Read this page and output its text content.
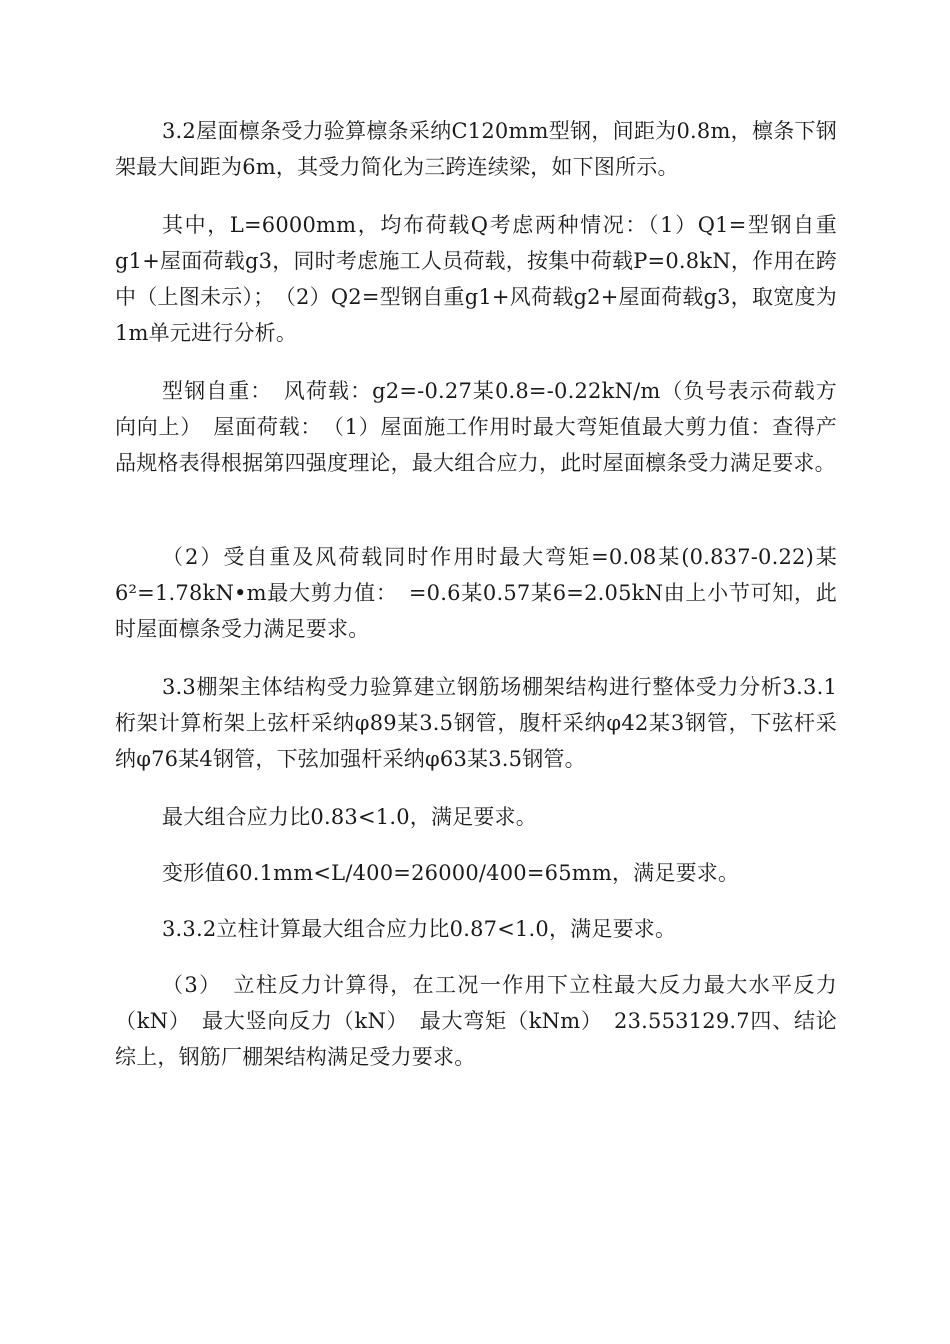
3.2屋面檩条受力验算檩条采纳C120mm型钢，间距为0.8m，檩条下钢架最大间距为6m，其受力简化为三跨连续梁，如下图所示。

其中，L=6000mm，均布荷载Q考虑两种情况：（1）Q1=型钢自重g1+屋面荷载g3，同时考虑施工人员荷载，按集中荷载P=0.8kN，作用在跨中（上图未示）；　（2）Q2=型钢自重g1+风荷载g2+屋面荷载g3，取宽度为1m单元进行分析。

型钢自重：　风荷载：g2=-0.27某0.8=-0.22kN/m（负号表示荷载方向向上）　屋面荷载：　（1）屋面施工作用时最大弯矩值最大剪力值：查得产品规格表得根据第四强度理论，最大组合应力，此时屋面檩条受力满足要求。

（2）受自重及风荷载同时作用时最大弯矩=0.08某(0.837-0.22)某6²=1.78kN•m最大剪力值：　=0.6某0.57某6=2.05kN由上小节可知，此时屋面檩条受力满足要求。

3.3棚架主体结构受力验算建立钢筋场棚架结构进行整体受力分析3.3.1桁架计算桁架上弦杆采纳φ89某3.5钢管，腹杆采纳φ42某3钢管，下弦杆采纳φ76某4钢管，下弦加强杆采纳φ63某3.5钢管。

最大组合应力比0.83<1.0，满足要求。

变形值60.1mm<L/400=26000/400=65mm，满足要求。

3.3.2立柱计算最大组合应力比0.87<1.0，满足要求。

（3）　立柱反力计算得，在工况一作用下立柱最大反力最大水平反力（kN）　最大竖向反力（kN）　最大弯矩（kNm）　23.553129.7四、结论综上，钢筋厂棚架结构满足受力要求。
